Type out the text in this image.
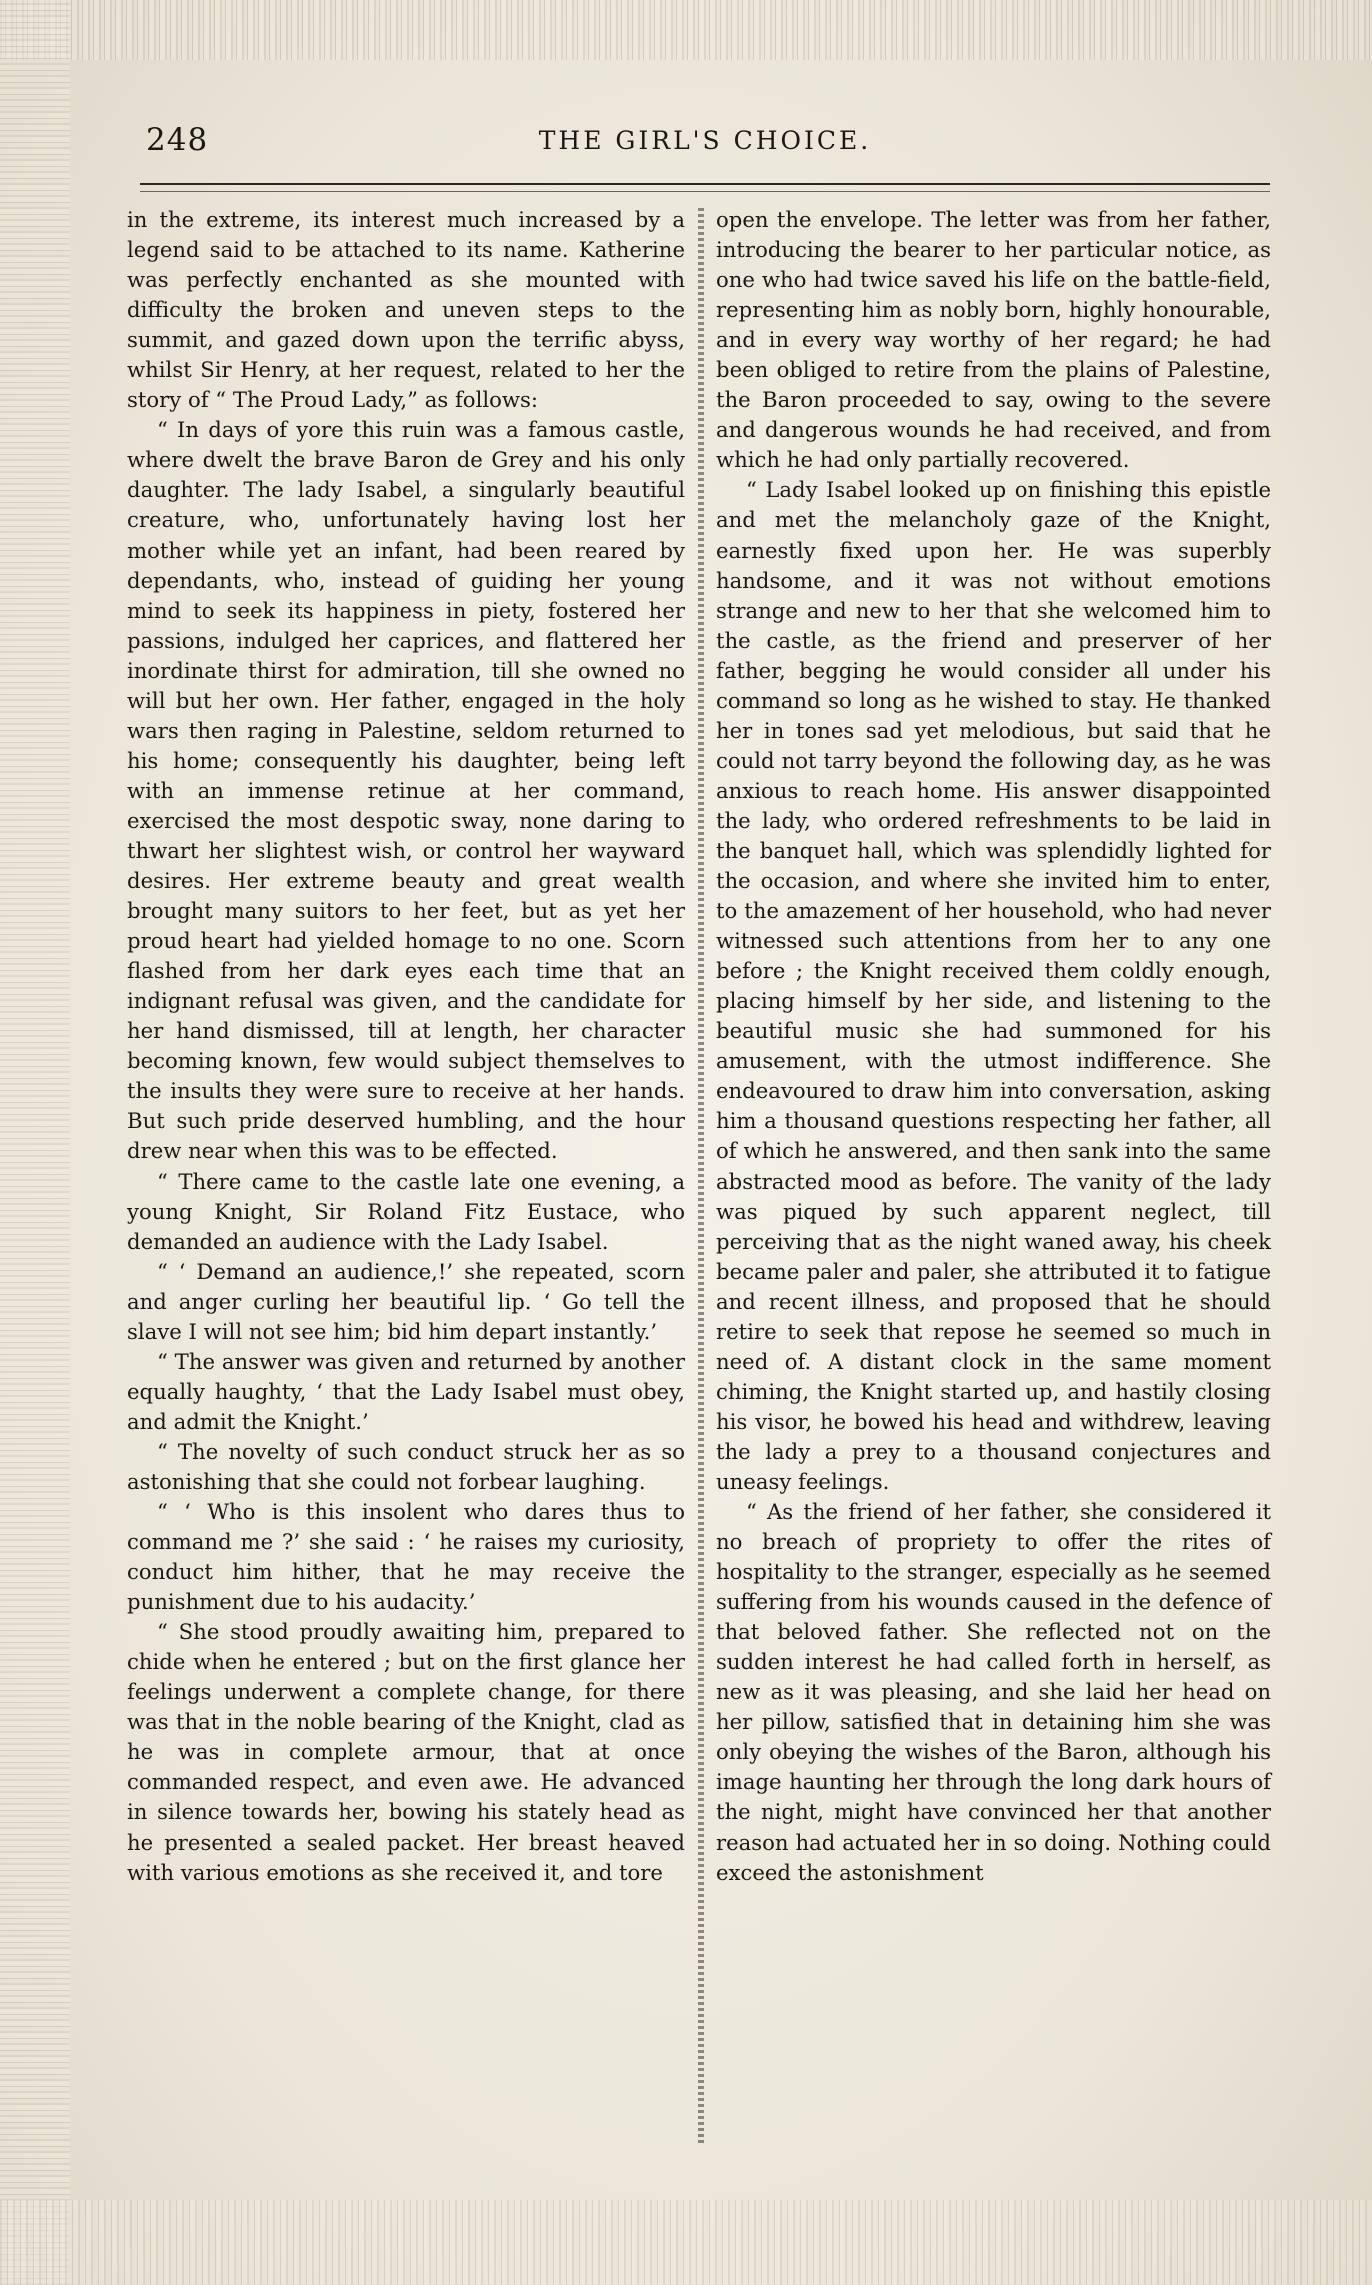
248	THE GIRL'S CHOICE.

in the extreme, its interest much increased by a legend said to be attached to its name. Katherine was perfectly enchanted as she mounted with difficulty the broken and uneven steps to the summit, and gazed down upon the terrific abyss, whilst Sir Henry, at her request, related to her the story of “ The Proud Lady,” as follows:

“ In days of yore this ruin was a famous castle, where dwelt the brave Baron de Grey and his only daughter. The lady Isabel, a singularly beautiful creature, who, unfortunately having lost her mother while yet an infant, had been reared by dependants, who, instead of guiding her young mind to seek its happiness in piety, fostered her passions, indulged her caprices, and flattered her inordinate thirst for admiration, till she owned no will but her own. Her father, engaged in the holy wars then raging in Palestine, seldom returned to his home; consequently his daughter, being left with an immense retinue at her command, exercised the most despotic sway, none daring to thwart her slightest wish, or control her wayward desires. Her extreme beauty and great wealth brought many suitors to her feet, but as yet her proud heart had yielded homage to no one. Scorn flashed from her dark eyes each time that an indignant refusal was given, and the candidate for her hand dismissed, till at length, her character becoming known, few would subject themselves to the insults they were sure to receive at her hands. But such pride deserved humbling, and the hour drew near when this was to be effected.

“ There came to the castle late one evening, a young Knight, Sir Roland Fitz Eustace, who demanded an audience with the Lady Isabel.

“ ‘ Demand an audience,!’ she repeated, scorn and anger curling her beautiful lip. ‘ Go tell the slave I will not see him; bid him depart instantly.’

“ The answer was given and returned by another equally haughty, ‘ that the Lady Isabel must obey, and admit the Knight.’

“ The novelty of such conduct struck her as so astonishing that she could not forbear laughing.

“ ‘ Who is this insolent who dares thus to command me ?’ she said : ‘ he raises my curiosity, conduct him hither, that he may receive the punishment due to his audacity.’

“ She stood proudly awaiting him, prepared to chide when he entered ; but on the first glance her feelings underwent a complete change, for there was that in the noble bearing of the Knight, clad as he was in complete armour, that at once commanded respect, and even awe. He advanced in silence towards her, bowing his stately head as he presented a sealed packet. Her breast heaved with various emotions as she received it, and tore

open the envelope. The letter was from her father, introducing the bearer to her particular notice, as one who had twice saved his life on the battle-field, representing him as nobly born, highly honourable, and in every way worthy of her regard; he had been obliged to retire from the plains of Palestine, the Baron proceeded to say, owing to the severe and dangerous wounds he had received, and from which he had only partially recovered.

“ Lady Isabel looked up on finishing this epistle and met the melancholy gaze of the Knight, earnestly fixed upon her. He was superbly handsome, and it was not without emotions strange and new to her that she welcomed him to the castle, as the friend and preserver of her father, begging he would consider all under his command so long as he wished to stay. He thanked her in tones sad yet melodious, but said that he could not tarry beyond the following day, as he was anxious to reach home. His answer disappointed the lady, who ordered refreshments to be laid in the banquet hall, which was splendidly lighted for the occasion, and where she invited him to enter, to the amazement of her household, who had never witnessed such attentions from her to any one before ; the Knight received them coldly enough, placing himself by her side, and listening to the beautiful music she had summoned for his amusement, with the utmost indifference. She endeavoured to draw him into conversation, asking him a thousand questions respecting her father, all of which he answered, and then sank into the same abstracted mood as before. The vanity of the lady was piqued by such apparent neglect, till perceiving that as the night waned away, his cheek became paler and paler, she attributed it to fatigue and recent illness, and proposed that he should retire to seek that repose he seemed so much in need of. A distant clock in the same moment chiming, the Knight started up, and hastily closing his visor, he bowed his head and withdrew, leaving the lady a prey to a thousand conjectures and uneasy feelings.

“ As the friend of her father, she considered it no breach of propriety to offer the rites of hospitality to the stranger, especially as he seemed suffering from his wounds caused in the defence of that beloved father. She reflected not on the sudden interest he had called forth in herself, as new as it was pleasing, and she laid her head on her pillow, satisfied that in detaining him she was only obeying the wishes of the Baron, although his image haunting her through the long dark hours of the night, might have convinced her that another reason had actuated her in so doing. Nothing could exceed the astonishment
